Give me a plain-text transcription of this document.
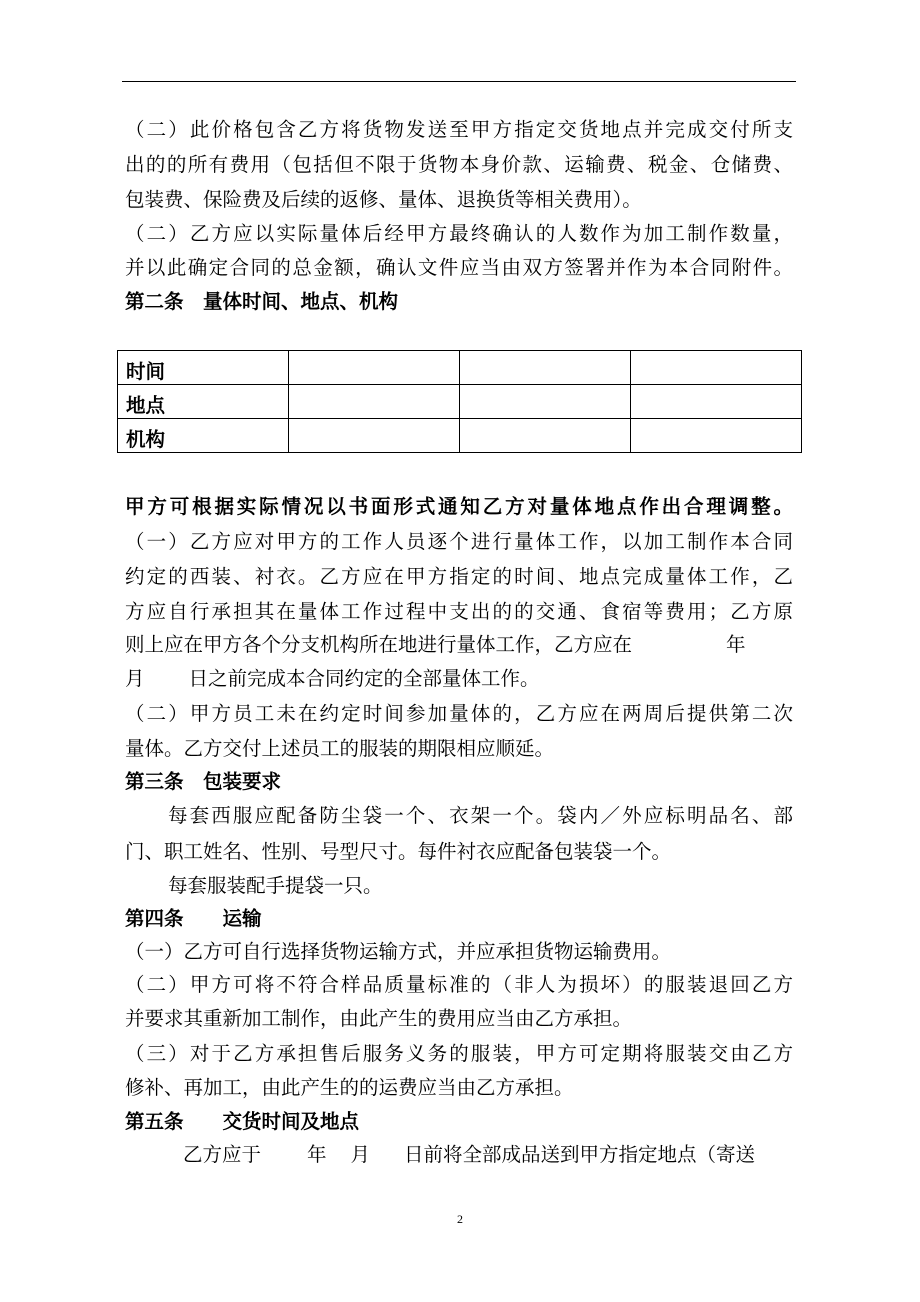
（二）此价格包含乙方将货物发送至甲方指定交货地点并完成交付所支
出的的所有费用（包括但不限于货物本身价款、运输费、税金、仓储费、
包装费、保险费及后续的返修、量体、退换货等相关费用）。
（二）乙方应以实际量体后经甲方最终确认的人数作为加工制作数量，
并以此确定合同的总金额，确认文件应当由双方签署并作为本合同附件。
第二条　量体时间、地点、机构
时间			
地点			
机构			
甲方可根据实际情况以书面形式通知乙方对量体地点作出合理调整。
（一）乙方应对甲方的工作人员逐个进行量体工作，以加工制作本合同
约定的西装、衬衣。乙方应在甲方指定的时间、地点完成量体工作，乙
方应自行承担其在量体工作过程中支出的的交通、食宿等费用；乙方原
则上应在甲方各个分支机构所在地进行量体工作，乙方应在	年
月 日之前完成本合同约定的全部量体工作。
（二）甲方员工未在约定时间参加量体的，乙方应在两周后提供第二次
量体。乙方交付上述员工的服装的期限相应顺延。
第三条　包装要求
每套西服应配备防尘袋一个、衣架一个。袋内／外应标明品名、部
门、职工姓名、性别、号型尺寸。每件衬衣应配备包装袋一个。
每套服装配手提袋一只。
第四条　　运输
（一）乙方可自行选择货物运输方式，并应承担货物运输费用。
（二）甲方可将不符合样品质量标准的（非人为损坏）的服装退回乙方
并要求其重新加工制作，由此产生的费用应当由乙方承担。
（三）对于乙方承担售后服务义务的服装，甲方可定期将服装交由乙方
修补、再加工，由此产生的的运费应当由乙方承担。
第五条　　交货时间及地点
乙方应于 年 月 日前将全部成品送到甲方指定地点（寄送
2
